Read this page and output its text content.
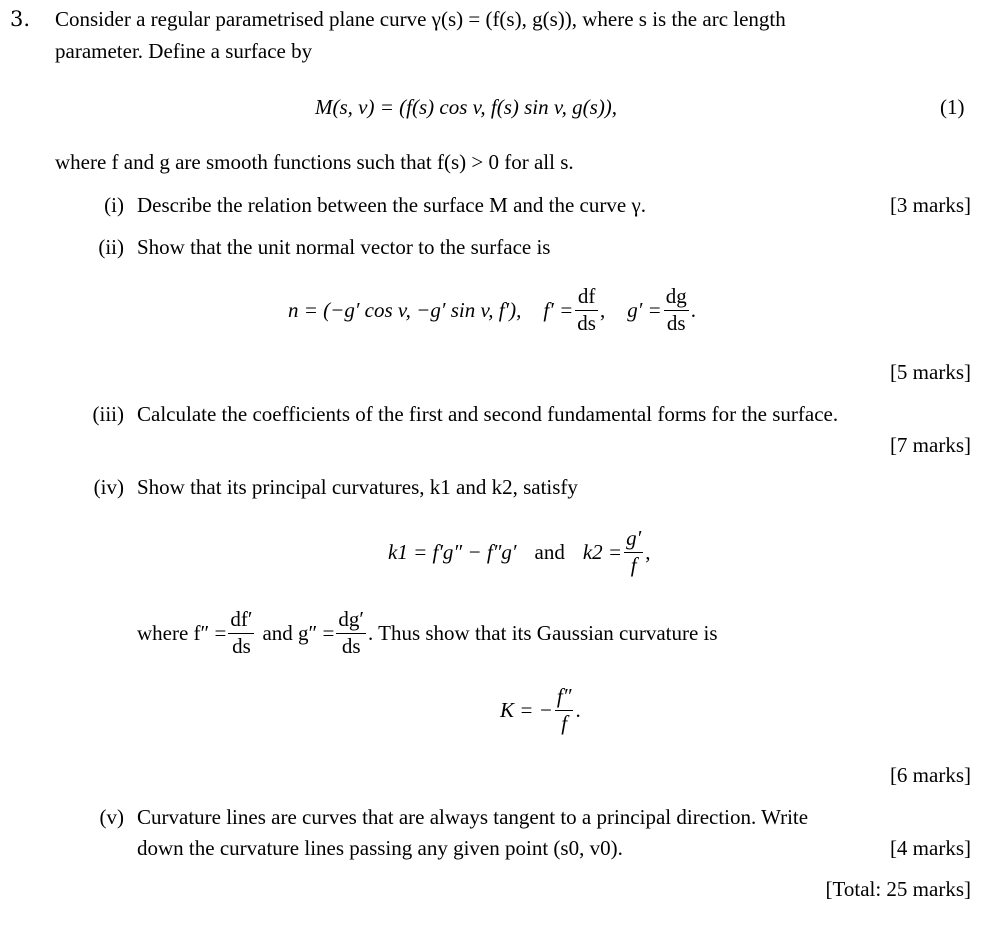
3. Consider a regular parametrised plane curve γ(s) = (f(s), g(s)), where s is the arc length
parameter. Define a surface by
M(s, v) = (f(s) cos v, f(s) sin v, g(s)),	(1)
where f and g are smooth functions such that f(s) > 0 for all s.
(i) Describe the relation between the surface M and the curve γ.	[3 marks]
(ii) Show that the unit normal vector to the surface is
n = (−g′ cos v, −g′ sin v, f′), $f' = \frac{df}{ds}$ , $g' = \frac{dg}{ds}$ .
[5 marks]
(iii) Calculate the coefficients of the first and second fundamental forms for the surface.
[7 marks]
(iv) Show that its principal curvatures, k1 and k2, satisfy
k1 = f′g″ − f″g′ and $k2 = \frac{g'}{f}$ ,
where $f'' = \frac{df'}{ds}$ and $g'' = \frac{dg'}{ds}$ . Thus show that its Gaussian curvature is
K = − $\frac{f''}{f}$ .
[6 marks]
(v) Curvature lines are curves that are always tangent to a principal direction. Write
down the curvature lines passing any given point (s0, v0).	[4 marks]
[Total: 25 marks]
